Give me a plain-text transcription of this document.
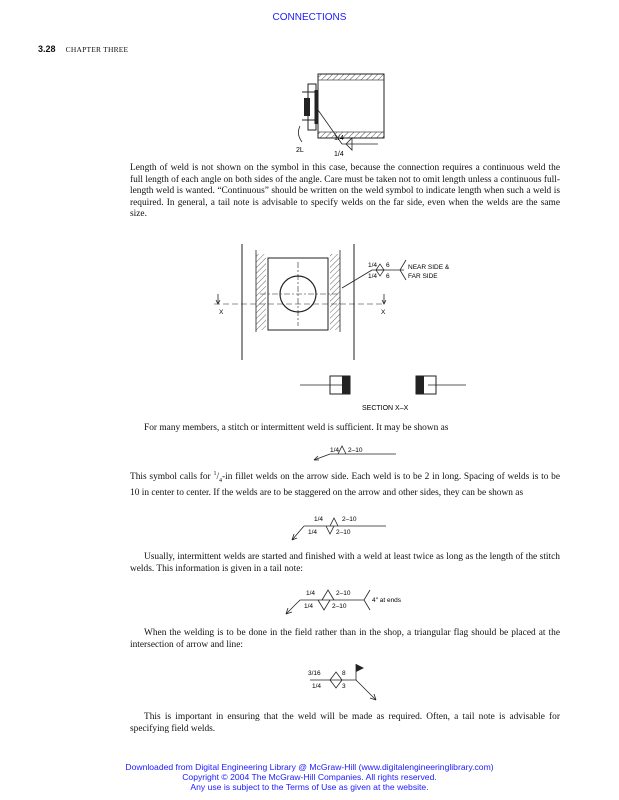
CONNECTIONS
3.28 CHAPTER THREE
2L
1/4
1/4

Length of weld is not shown on the symbol in this case, because the connection requires a continuous weld the full length of each angle on both sides of the angle. Care must be taken not to omit length unless a continuous full-length weld is wanted. “Continuous” should be written on the weld symbol to indicate length when such a weld is required. In general, a tail note is advisable to specify welds on the far side, even when the welds are the same size.

X	X
1/4 6
1/4 6
NEAR SIDE &
FAR SIDE
SECTION X–X

For many members, a stitch or intermittent weld is sufficient. It may be shown as

1/4 2–10

This symbol calls for $^1/_4-in$ fillet welds on the arrow side. Each weld is to be 2 in long. Spacing of welds is to be 10 in center to center. If the welds are to be staggered on the arrow and other sides, they can be shown as

1/4	2–10
1/4	2–10

Usually, intermittent welds are started and finished with a weld at least twice as long as the length of the stitch welds. This information is given in a tail note:

1/4	2–10
1/4	2–10
4″ at ends

When the welding is to be done in the field rather than in the shop, a triangular flag should be placed at the intersection of arrow and line:

3/16	8
1/4	3

This is important in ensuring that the weld will be made as required. Often, a tail note is advisable for specifying field welds.

Downloaded from Digital Engineering Library @ McGraw-Hill (www.digitalengineeringlibrary.com)
Copyright © 2004 The McGraw-Hill Companies. All rights reserved.
Any use is subject to the Terms of Use as given at the website.
